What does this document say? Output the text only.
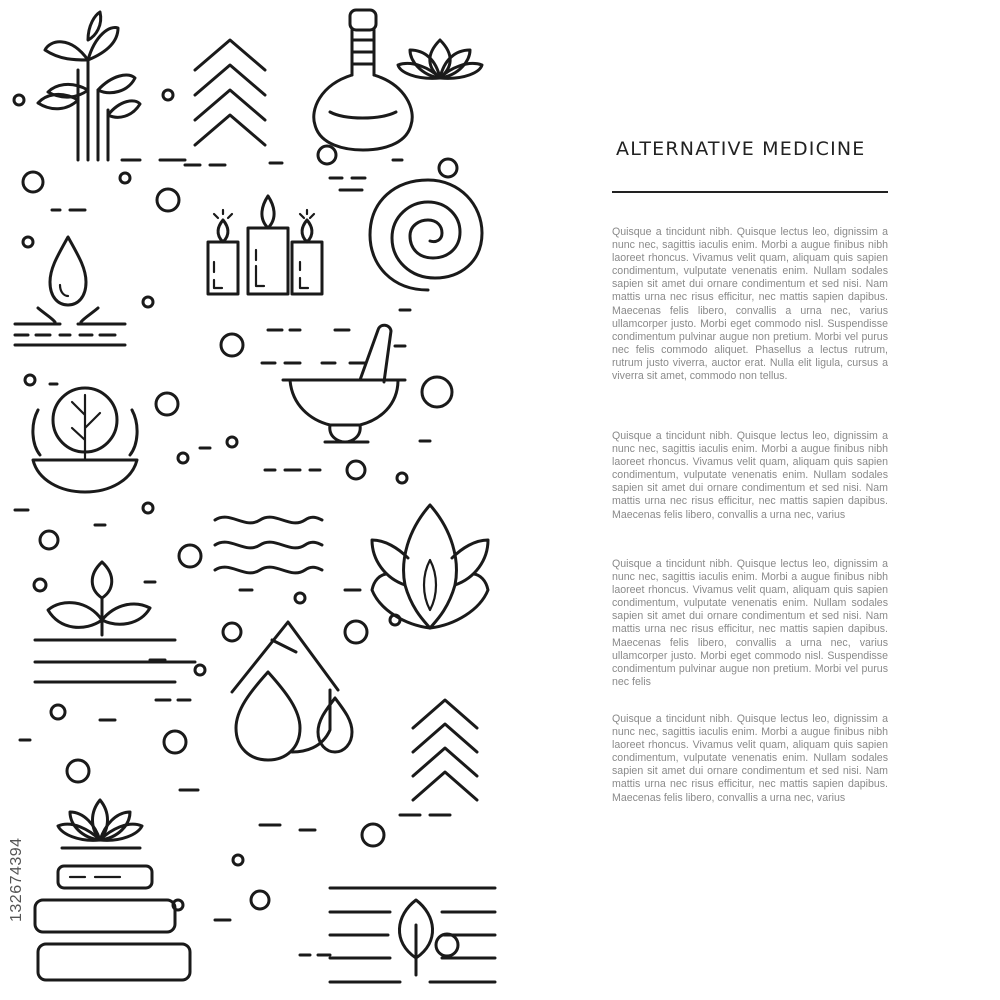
ALTERNATIVE MEDICINE

Quisque a tincidunt nibh. Quisque lectus leo, dignissim a nunc nec, sagittis iaculis enim. Morbi a augue finibus nibh laoreet rhoncus. Vivamus velit quam, aliquam quis sapien condimentum, vulputate venenatis enim. Nullam sodales sapien sit amet dui ornare condimentum et sed nisi. Nam mattis urna nec risus efficitur, nec mattis sapien dapibus. Maecenas felis libero, convallis a urna nec, varius ullamcorper justo. Morbi eget commodo nisl. Suspendisse condimentum pulvinar augue non pretium. Morbi vel purus nec felis commodo aliquet. Phasellus a lectus rutrum, rutrum justo viverra, auctor erat. Nulla elit ligula, cursus a viverra sit amet, commodo non tellus.

Quisque a tincidunt nibh. Quisque lectus leo, dignissim a nunc nec, sagittis iaculis enim. Morbi a augue finibus nibh laoreet rhoncus. Vivamus velit quam, aliquam quis sapien condimentum, vulputate venenatis enim. Nullam sodales sapien sit amet dui ornare condimentum et sed nisi. Nam mattis urna nec risus efficitur, nec mattis sapien dapibus. Maecenas felis libero, convallis a urna nec, varius

Quisque a tincidunt nibh. Quisque lectus leo, dignissim a nunc nec, sagittis iaculis enim. Morbi a augue finibus nibh laoreet rhoncus. Vivamus velit quam, aliquam quis sapien condimentum, vulputate venenatis enim. Nullam sodales sapien sit amet dui ornare condimentum et sed nisi. Nam mattis urna nec risus efficitur, nec mattis sapien dapibus. Maecenas felis libero, convallis a urna nec, varius ullamcorper justo. Morbi eget commodo nisl. Suspendisse condimentum pulvinar augue non pretium. Morbi vel purus nec felis

Quisque a tincidunt nibh. Quisque lectus leo, dignissim a nunc nec, sagittis iaculis enim. Morbi a augue finibus nibh laoreet rhoncus. Vivamus velit quam, aliquam quis sapien condimentum, vulputate venenatis enim. Nullam sodales sapien sit amet dui ornare condimentum et sed nisi. Nam mattis urna nec risus efficitur, nec mattis sapien dapibus. Maecenas felis libero, convallis a urna nec, varius

132674394
